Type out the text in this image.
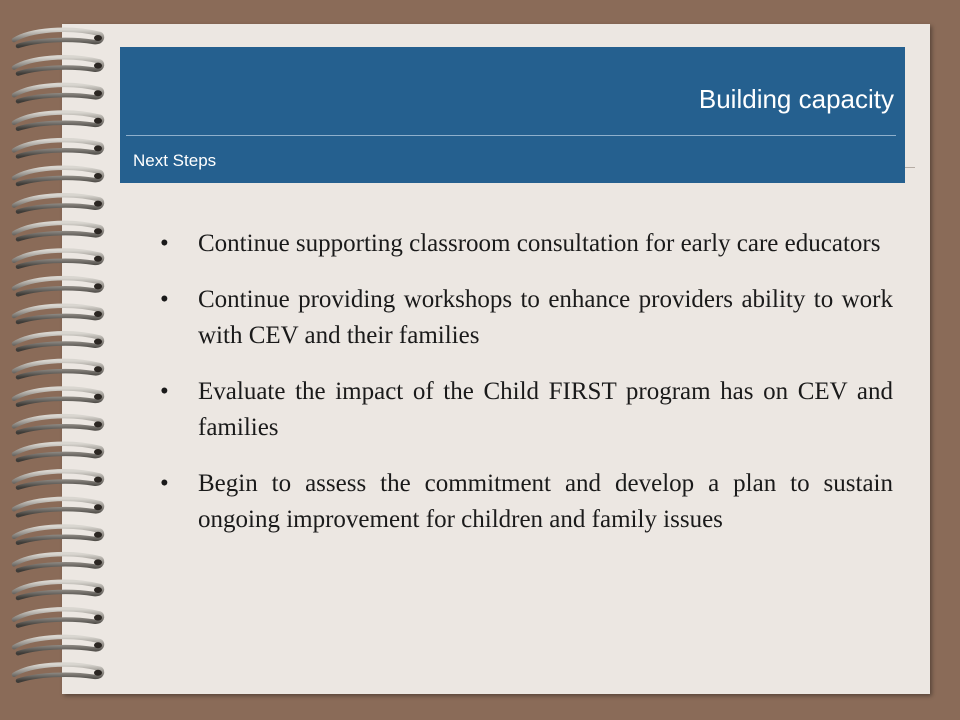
Building capacity
Next Steps
• Continue supporting classroom consultation for early care educators
• Continue providing workshops to enhance providers ability to work with CEV and their families
• Evaluate the impact of the Child FIRST program has on CEV and families
• Begin to assess the commitment and develop a plan to sustain ongoing improvement for children and family issues
